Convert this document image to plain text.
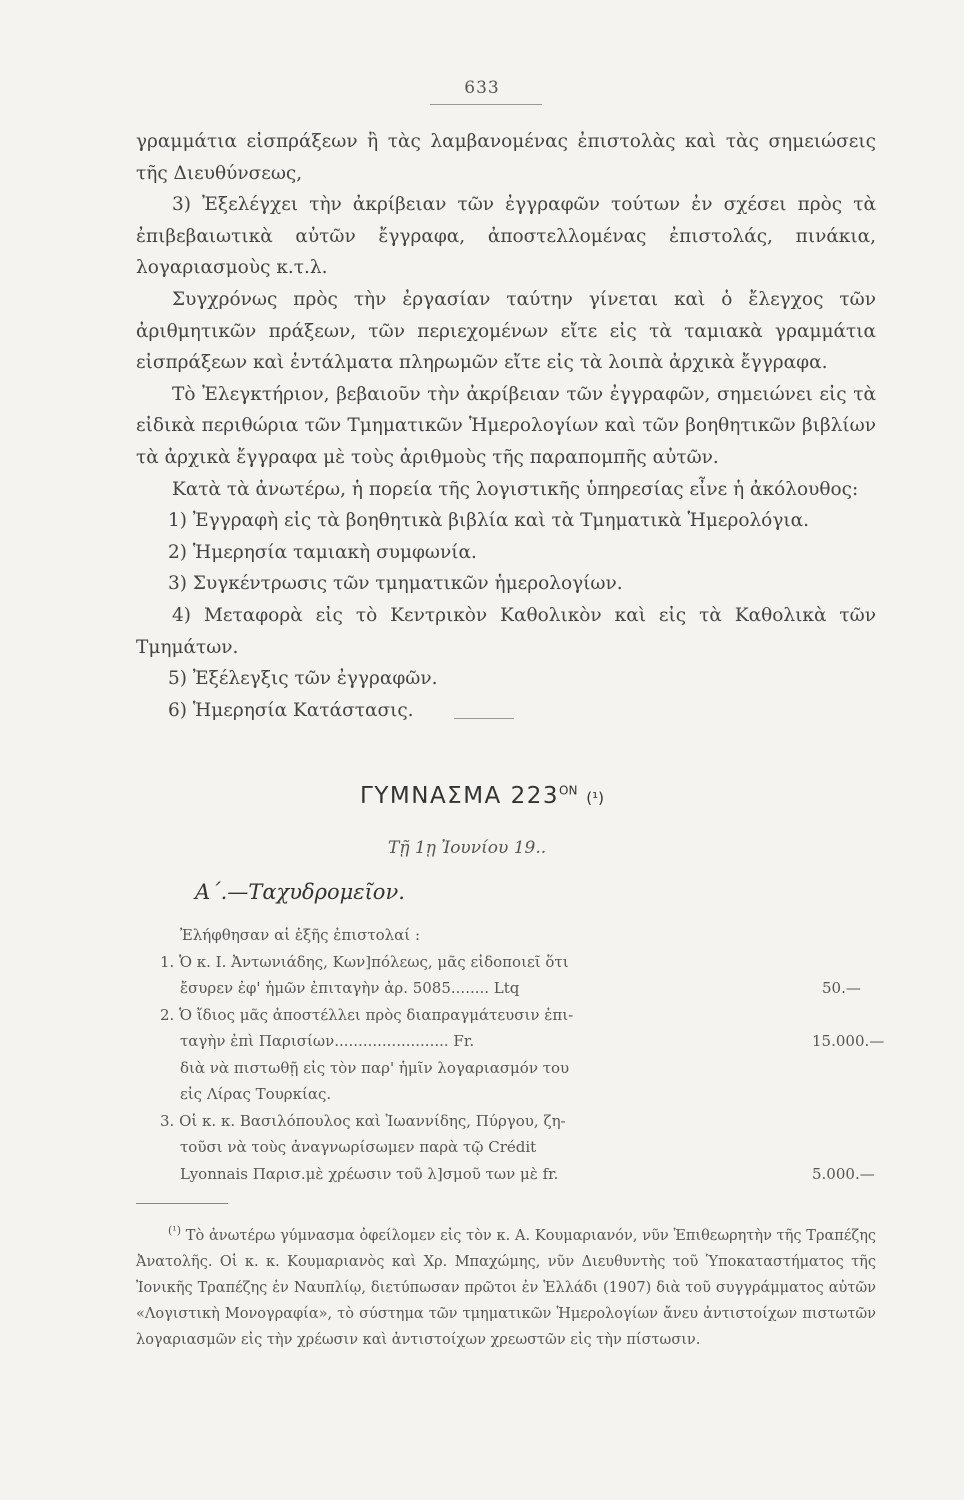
633

γραμμάτια εἰσπράξεων ἢ τὰς λαμβανομένας ἐπιστολὰς καὶ τὰς σημειώσεις τῆς Διευθύνσεως,

3) Ἐξελέγχει τὴν ἀκρίβειαν τῶν ἐγγραφῶν τούτων ἐν σχέσει πρὸς τὰ ἐπιβεβαιωτικὰ αὐτῶν ἔγγραφα, ἀποστελλομένας ἐπιστολάς, πινάκια, λογαριασμοὺς κ.τ.λ.

Συγχρόνως πρὸς τὴν ἐργασίαν ταύτην γίνεται καὶ ὁ ἔλεγχος τῶν ἀριθμητικῶν πράξεων, τῶν περιεχομένων εἴτε εἰς τὰ ταμιακὰ γραμμάτια εἰσπράξεων καὶ ἐντάλματα πληρωμῶν εἴτε εἰς τὰ λοιπὰ ἀρχικὰ ἔγγραφα.

Τὸ Ἐλεγκτήριον, βεβαιοῦν τὴν ἀκρίβειαν τῶν ἐγγραφῶν, σημειώνει εἰς τὰ εἰδικὰ περιθώρια τῶν Τμηματικῶν Ἡμερολογίων καὶ τῶν βοηθητικῶν βιβλίων τὰ ἀρχικὰ ἔγγραφα μὲ τοὺς ἀριθμοὺς τῆς παραπομπῆς αὐτῶν.

Κατὰ τὰ ἀνωτέρω, ἡ πορεία τῆς λογιστικῆς ὑπηρεσίας εἶνε ἡ ἀκόλουθος:

1) Ἐγγραφὴ εἰς τὰ βοηθητικὰ βιβλία καὶ τὰ Τμηματικὰ Ἡμερολόγια.

2) Ἡμερησία ταμιακὴ συμφωνία.

3) Συγκέντρωσις τῶν τμηματικῶν ἡμερολογίων.

4) Μεταφορὰ εἰς τὸ Κεντρικὸν Καθολικὸν καὶ εἰς τὰ Καθολικὰ τῶν Τμημάτων.

5) Ἐξέλεγξις τῶν ἐγγραφῶν.

6) Ἡμερησία Κατάστασις.

ΓΥΜΝΑΣΜΑ $223^{ON}$ (¹)
Τῇ 1ῃ Ἰουνίου 19..
Α΄.—Ταχυδρομεῖον.
Ἐλήφθησαν αἱ ἑξῆς ἐπιστολαί :
1. Ὁ κ. Ι. Ἀντωνιάδης, Κων]πόλεως, μᾶς εἰδοποιεῖ ὅτι
ἔσυρεν ἐφ' ἡμῶν ἐπιταγὴν ἀρ. 5085........ Ltq	50.—
2. Ὁ ἴδιος μᾶς ἀποστέλλει πρὸς διαπραγμάτευσιν ἐπι-
ταγὴν ἐπὶ Παρισίων........................ Fr.	15.000.—
διὰ νὰ πιστωθῇ εἰς τὸν παρ' ἡμῖν λογαριασμόν του
εἰς Λίρας Τουρκίας.
3. Οἱ κ. κ. Βασιλόπουλος καὶ Ἰωαννίδης, Πύργου, ζη-
τοῦσι νὰ τοὺς ἀναγνωρίσωμεν παρὰ τῷ Crédit
Lyonnais Παρισ.μὲ χρέωσιν τοῦ λ]σμοῦ των μὲ fr.	5.000.—
$^{(^1)}$ Τὸ ἀνωτέρω γύμνασμα ὀφείλομεν εἰς τὸν κ. Α. Κουμαριανόν, νῦν Ἐπιθεωρητὴν τῆς Τραπέζης Ἀνατολῆς. Οἱ κ. κ. Κουμαριανὸς καὶ Χρ. Μπαχώμης, νῦν Διευθυντὴς τοῦ Ὑποκαταστήματος τῆς Ἰονικῆς Τραπέζης ἐν Ναυπλίῳ, διετύπωσαν πρῶτοι ἐν Ἑλλάδι (1907) διὰ τοῦ συγγράμματος αὐτῶν «Λογιστικὴ Μονογραφία», τὸ σύστημα τῶν τμηματικῶν Ἡμερολογίων ἄνευ ἀντιστοίχων πιστωτῶν λογαριασμῶν εἰς τὴν χρέωσιν καὶ ἀντιστοίχων χρεωστῶν εἰς τὴν πίστωσιν.
